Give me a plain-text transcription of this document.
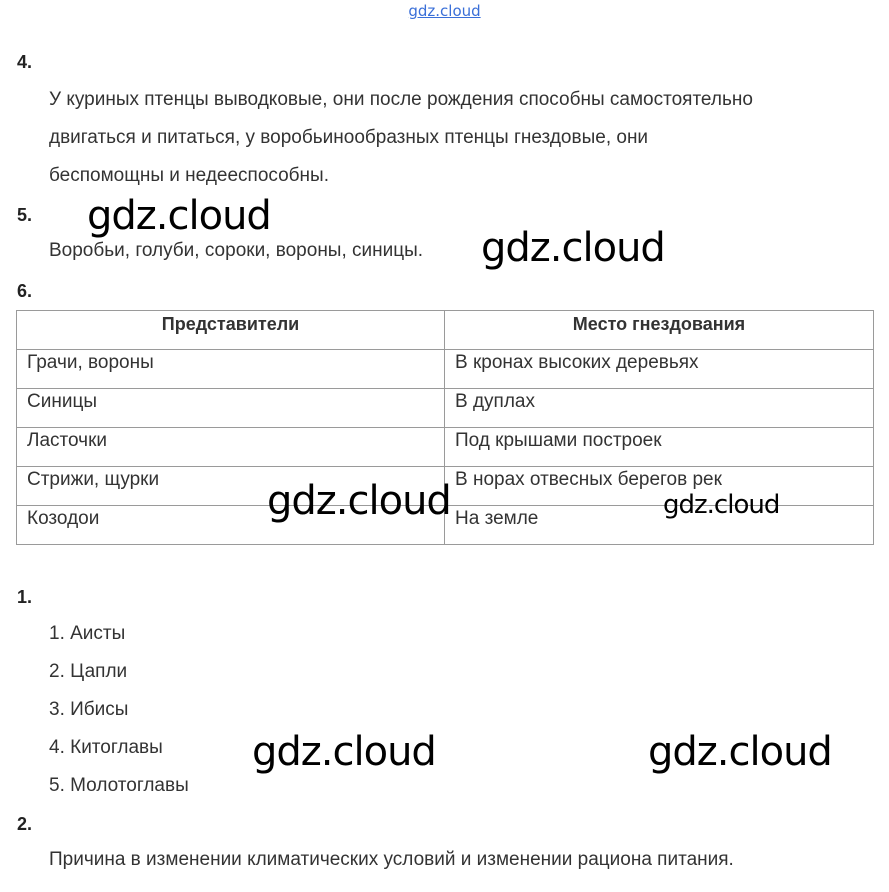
gdz.cloud
4.
У куриных птенцы выводковые, они после рождения способны самостоятельно
двигаться и питаться, у воробьинообразных птенцы гнездовые, они
беспомощны и недееспособны.
5.
Воробьи, голуби, сороки, вороны, синицы.
6.
Представители	Место гнездования
Грачи, вороны	В кронах высоких деревьях
Синицы	В дуплах
Ласточки	Под крышами построек
Стрижи, щурки	В норах отвесных берегов рек
Козодои	На земле
1.
1. Аисты
2. Цапли
3. Ибисы
4. Китоглавы
5. Молотоглавы
2.
Причина в изменении климатических условий и изменении рациона питания.
gdz.cloud
gdz.cloud
gdz.cloud	gdz.cloud
gdz.cloud	gdz.cloud
